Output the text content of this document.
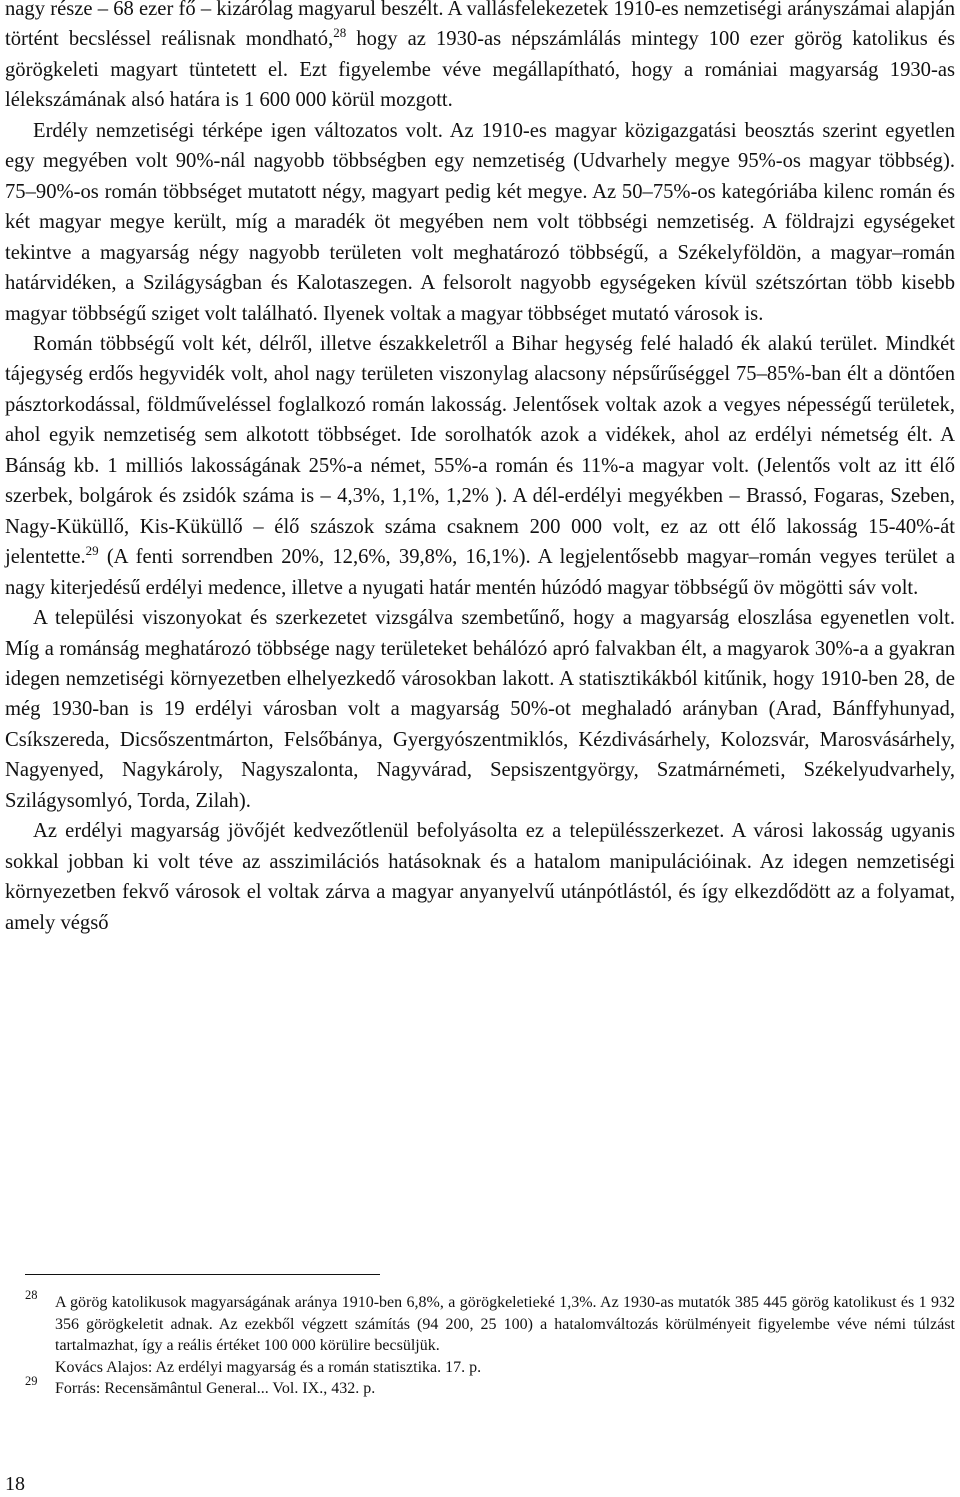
nagy része – 68 ezer fő – kizárólag magyarul beszélt. A vallásfelekezetek 1910-es nemzetiségi arányszámai alapján történt becsléssel reálisnak mondható,$^{28}$ hogy az 1930-as népszámlálás mintegy 100 ezer görög katolikus és görögkeleti magyart tüntetett el. Ezt figyelembe véve megállapítható, hogy a romániai magyarság 1930-as lélekszámának alsó határa is 1 600 000 körül mozgott.

Erdély nemzetiségi térképe igen változatos volt. Az 1910-es magyar közigazgatási beosztás szerint egyetlen egy megyében volt 90%-nál nagyobb többségben egy nemzetiség (Udvarhely megye 95%-os magyar többség). 75–90%-os román többséget mutatott négy, magyart pedig két megye. Az 50–75%-os kategóriába kilenc román és két magyar megye került, míg a maradék öt megyében nem volt többségi nemzetiség. A földrajzi egységeket tekintve a magyarság négy nagyobb területen volt meghatározó többségű, a Székelyföldön, a magyar–román határvidéken, a Szilágyságban és Kalotaszegen. A felsorolt nagyobb egységeken kívül szétszórtan több kisebb magyar többségű sziget volt található. Ilyenek voltak a magyar többséget mutató városok is.

Román többségű volt két, délről, illetve északkeletről a Bihar hegység felé haladó ék alakú terület. Mindkét tájegység erdős hegyvidék volt, ahol nagy területen viszonylag alacsony népsűrűséggel 75–85%-ban élt a döntően pásztorkodással, földműveléssel foglalkozó román lakosság. Jelentősek voltak azok a vegyes népességű területek, ahol egyik nemzetiség sem alkotott többséget. Ide sorolhatók azok a vidékek, ahol az erdélyi németség élt. A Bánság kb. 1 milliós lakosságának 25%-a német, 55%-a román és 11%-a magyar volt. (Jelentős volt az itt élő szerbek, bolgárok és zsidók száma is – 4,3%, 1,1%, 1,2% ). A dél-erdélyi megyékben – Brassó, Fogaras, Szeben, Nagy-Küküllő, Kis-Küküllő – élő szászok száma csaknem 200 000 volt, ez az ott élő lakosság 15-40%-át jelentette.$^{29}$ (A fenti sorrendben 20%, 12,6%, 39,8%, 16,1%). A legjelentősebb magyar–román vegyes terület a nagy kiterjedésű erdélyi medence, illetve a nyugati határ mentén húzódó magyar többségű öv mögötti sáv volt.

A települési viszonyokat és szerkezetet vizsgálva szembetűnő, hogy a magyarság eloszlása egyenetlen volt. Míg a románság meghatározó többsége nagy területeket behálózó apró falvakban élt, a magyarok 30%-a a gyakran idegen nemzetiségi környezetben elhelyezkedő városokban lakott. A statisztikákból kitűnik, hogy 1910-ben 28, de még 1930-ban is 19 erdélyi városban volt a magyarság 50%-ot meghaladó arányban (Arad, Bánffyhunyad, Csíkszereda, Dicsőszentmárton, Felsőbánya, Gyergyószentmiklós, Kézdivásárhely, Kolozsvár, Marosvásárhely, Nagyenyed, Nagykároly, Nagyszalonta, Nagyvárad, Sepsiszentgyörgy, Szatmárnémeti, Székelyudvarhely, Szilágysomlyó, Torda, Zilah).

Az erdélyi magyarság jövőjét kedvezőtlenül befolyásolta ez a településszerkezet. A városi lakosság ugyanis sokkal jobban ki volt téve az asszimilációs hatásoknak és a hatalom manipulációinak. Az idegen nemzetiségi környezetben fekvő városok el voltak zárva a magyar anyanyelvű utánpótlástól, és így elkezdődött az a folyamat, amely végső

28 A görög katolikusok magyarságának aránya 1910-ben 6,8%, a görögkeletieké 1,3%. Az 1930-as mutatók 385 445 görög katolikust és 1 932 356 görögkeletit adnak. Az ezekből végzett számítás (94 200, 25 100) a hatalomváltozás körülményeit figyelembe véve némi túlzást tartalmazhat, így a reális értéket 100 000 körülire becsüljük.
Kovács Alajos: Az erdélyi magyarság és a román statisztika. 17. p.
29 Forrás: Recensământul General... Vol. IX., 432. p.
18
